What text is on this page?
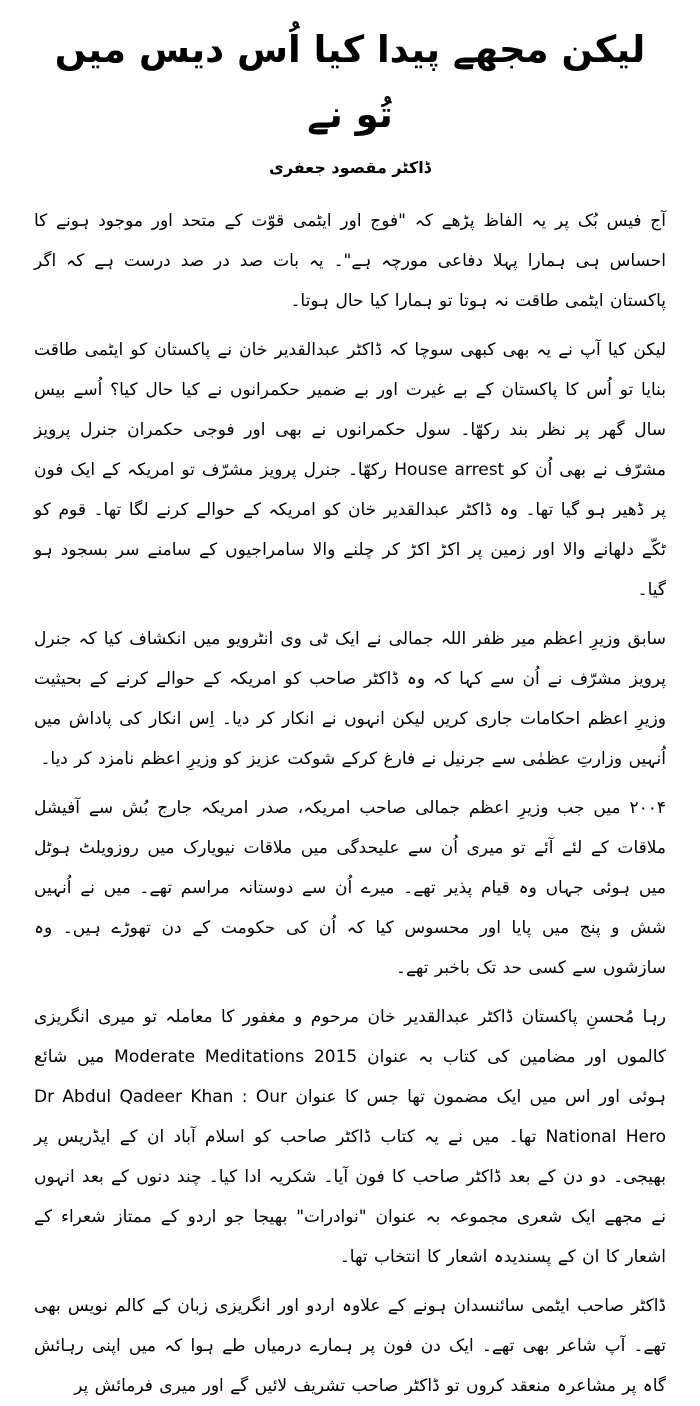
لیکن مجھے پیدا کیا اُس دیس میں تُو نے
ڈاکٹر مقصود جعفری

آج فیس بُک پر یہ الفاظ پڑھے کہ "فوج اور ایٹمی قوّت کے متحد اور موجود ہونے کا احساس ہی ہمارا پہلا دفاعی مورچہ ہے"۔ یہ بات صد در صد درست ہے کہ اگر پاکستان ایٹمی طاقت نہ ہوتا تو ہمارا کیا حال ہوتا۔

لیکن کیا آپ نے یہ بھی کبھی سوچا کہ ڈاکٹر عبدالقدیر خان نے پاکستان کو ایٹمی طاقت بنایا تو اُس کا پاکستان کے بے غیرت اور بے ضمیر حکمرانوں نے کیا حال کیا؟ اُسے بیس سال گھر پر نظر بند رکھّا۔ سول حکمرانوں نے بھی اور فوجی حکمران جنرل پرویز مشرّف نے بھی اُن کو House arrest رکھّا۔ جنرل پرویز مشرّف تو امریکہ کے ایک فون پر ڈھیر ہو گیا تھا۔ وہ ڈاکٹر عبدالقدیر خان کو امریکہ کے حوالے کرنے لگا تھا۔ قوم کو ٹکّے دلھانے والا اور زمین پر اکڑ اکڑ کر چلنے والا سامراجیوں کے سامنے سر بسجود ہو گیا۔

سابق وزیرِ اعظم میر ظفر اللہ جمالی نے ایک ٹی وی انٹرویو میں انکشاف کیا کہ جنرل پرویز مشرّف نے اُن سے کہا کہ وہ ڈاکٹر صاحب کو امریکہ کے حوالے کرنے کے بحیثیت وزیرِ اعظم احکامات جاری کریں لیکن انہوں نے انکار کر دیا۔ اِس انکار کی پاداش میں اُنہیں وزارتِ عظمٰی سے جرنیل نے فارغ کرکے شوکت عزیز کو وزیرِ اعظم نامزد کر دیا۔

۲۰۰۴ میں جب وزیرِ اعظم جمالی صاحب امریکہ، صدر امریکہ جارج بُش سے آفیشل ملاقات کے لئے آئے تو میری اُن سے علیحدگی میں ملاقات نیویارک میں روزویلٹ ہوٹل میں ہوئی جہاں وہ قیام پذیر تھے۔ میرے اُن سے دوستانہ مراسم تھے۔ میں نے اُنہیں شش و پنج میں پایا اور محسوس کیا کہ اُن کی حکومت کے دن تھوڑے ہیں۔ وہ سازشوں سے کسی حد تک باخبر تھے۔

رہا مُحسنِ پاکستان ڈاکٹر عبدالقدیر خان مرحوم و مغفور کا معاملہ تو میری انگریزی کالموں اور مضامین کی کتاب بہ عنوان Moderate Meditations 2015 میں شائع ہوئی اور اس میں ایک مضمون تھا جس کا عنوان Dr Abdul Qadeer Khan : Our National Hero تھا۔ میں نے یہ کتاب ڈاکٹر صاحب کو اسلام آباد ان کے ایڈریس پر بھیجی۔ دو دن کے بعد ڈاکٹر صاحب کا فون آیا۔ شکریہ ادا کیا۔ چند دنوں کے بعد انہوں نے مجھے ایک شعری مجموعہ بہ عنوان "نوادرات" بھیجا جو اردو کے ممتاز شعراء کے اشعار کا ان کے پسندیدہ اشعار کا انتخاب تھا۔

ڈاکٹر صاحب ایٹمی سائنسدان ہونے کے علاوہ اردو اور انگریزی زبان کے کالم نویس بھی تھے۔ آپ شاعر بھی تھے۔ ایک دن فون پر ہمارے درمیاں طے ہوا کہ میں اپنی رہائش گاہ پر مشاعرہ منعقد کروں تو ڈاکٹر صاحب تشریف لائیں گے اور میری فرمائش پر
